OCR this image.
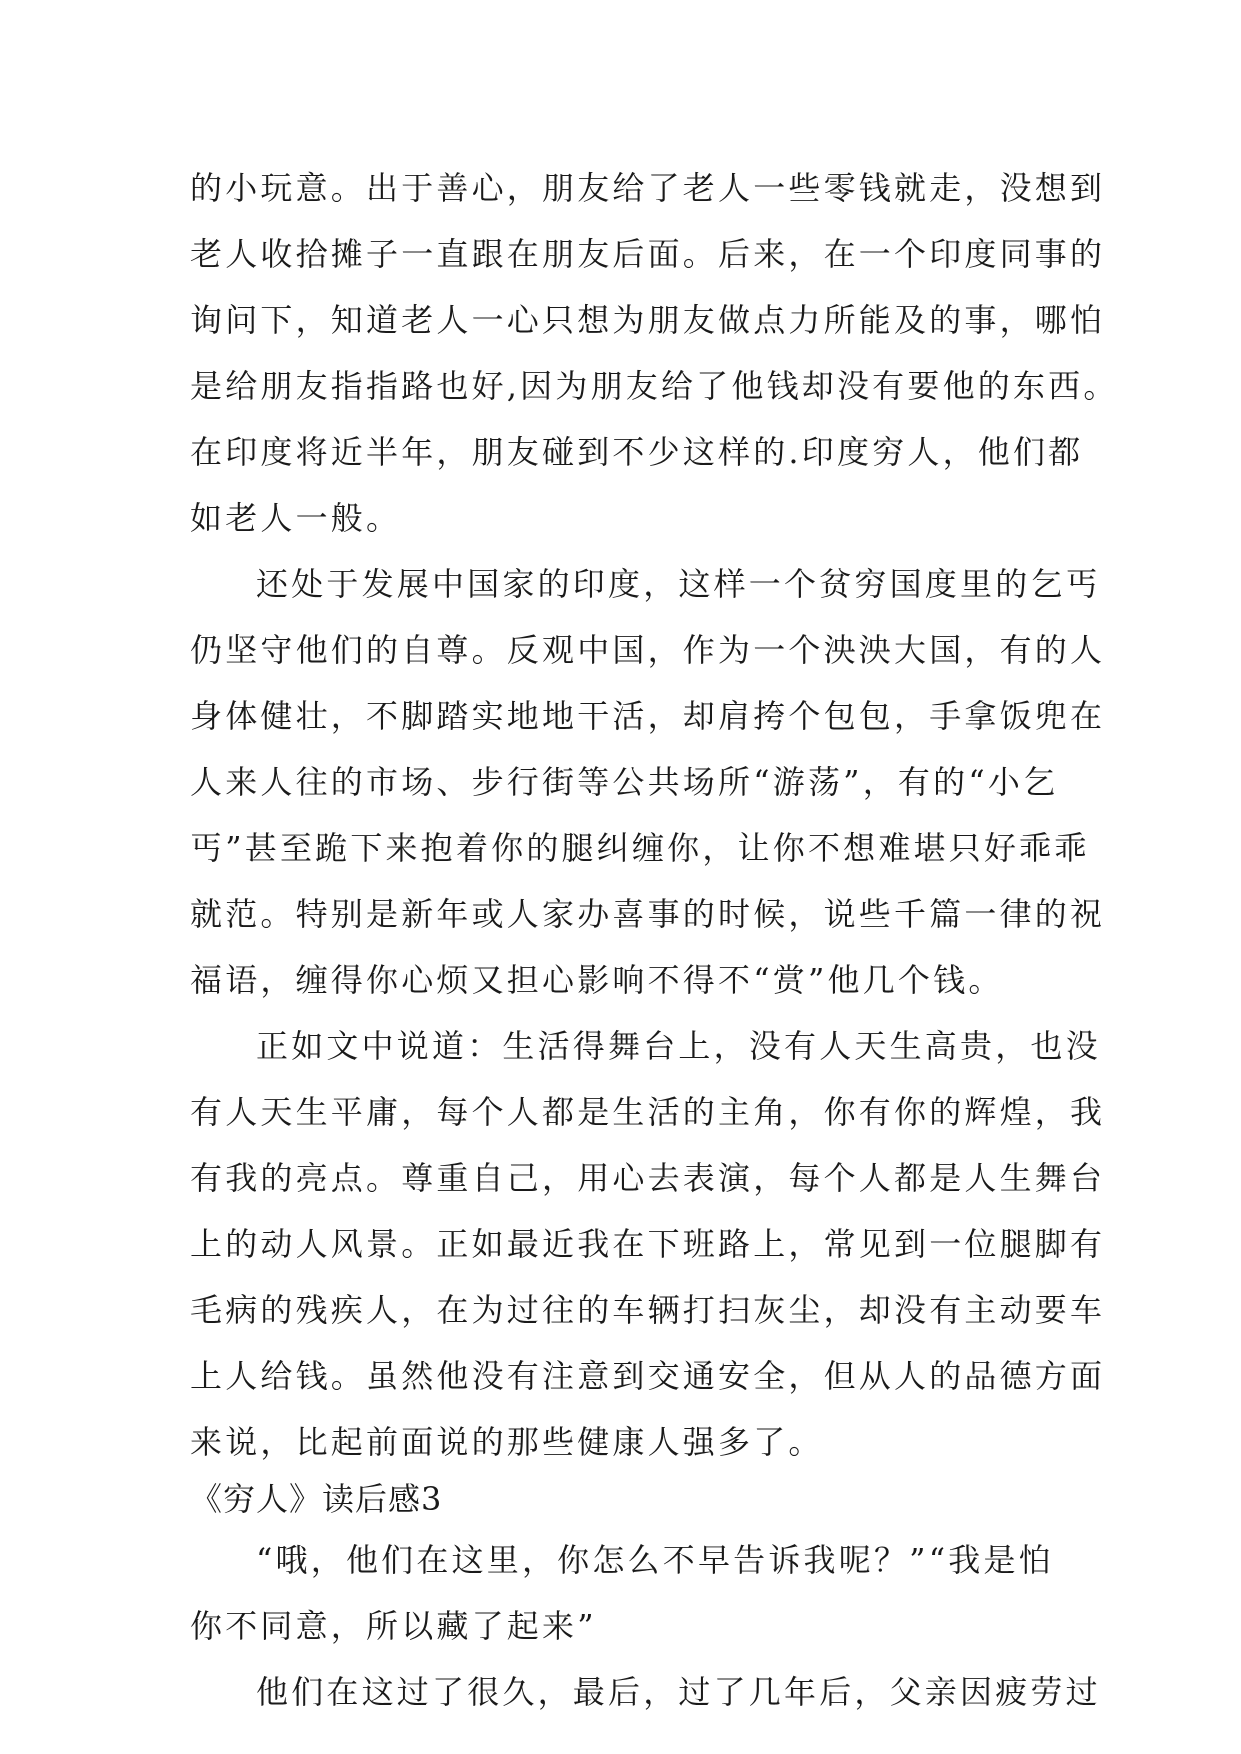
的小玩意。出于善心，朋友给了老人一些零钱就走，没想到
老人收拾摊子一直跟在朋友后面。后来，在一个印度同事的
询问下，知道老人一心只想为朋友做点力所能及的事，哪怕
是给朋友指指路也好,因为朋友给了他钱却没有要他的东西。
在印度将近半年，朋友碰到不少这样的.印度穷人，他们都
如老人一般。
还处于发展中国家的印度，这样一个贫穷国度里的乞丐
仍坚守他们的自尊。反观中国，作为一个泱泱大国，有的人
身体健壮，不脚踏实地地干活，却肩挎个包包，手拿饭兜在
人来人往的市场、步行街等公共场所“游荡”，有的“小乞
丐”甚至跪下来抱着你的腿纠缠你，让你不想难堪只好乖乖
就范。特别是新年或人家办喜事的时候，说些千篇一律的祝
福语，缠得你心烦又担心影响不得不“赏”他几个钱。
正如文中说道：生活得舞台上，没有人天生高贵，也没
有人天生平庸，每个人都是生活的主角，你有你的辉煌，我
有我的亮点。尊重自己，用心去表演，每个人都是人生舞台
上的动人风景。正如最近我在下班路上，常见到一位腿脚有
毛病的残疾人，在为过往的车辆打扫灰尘，却没有主动要车
上人给钱。虽然他没有注意到交通安全，但从人的品德方面
来说，比起前面说的那些健康人强多了。
《穷人》读后感3
“哦，他们在这里，你怎么不早告诉我呢？”“我是怕
你不同意，所以藏了起来”
他们在这过了很久，最后，过了几年后，父亲因疲劳过
